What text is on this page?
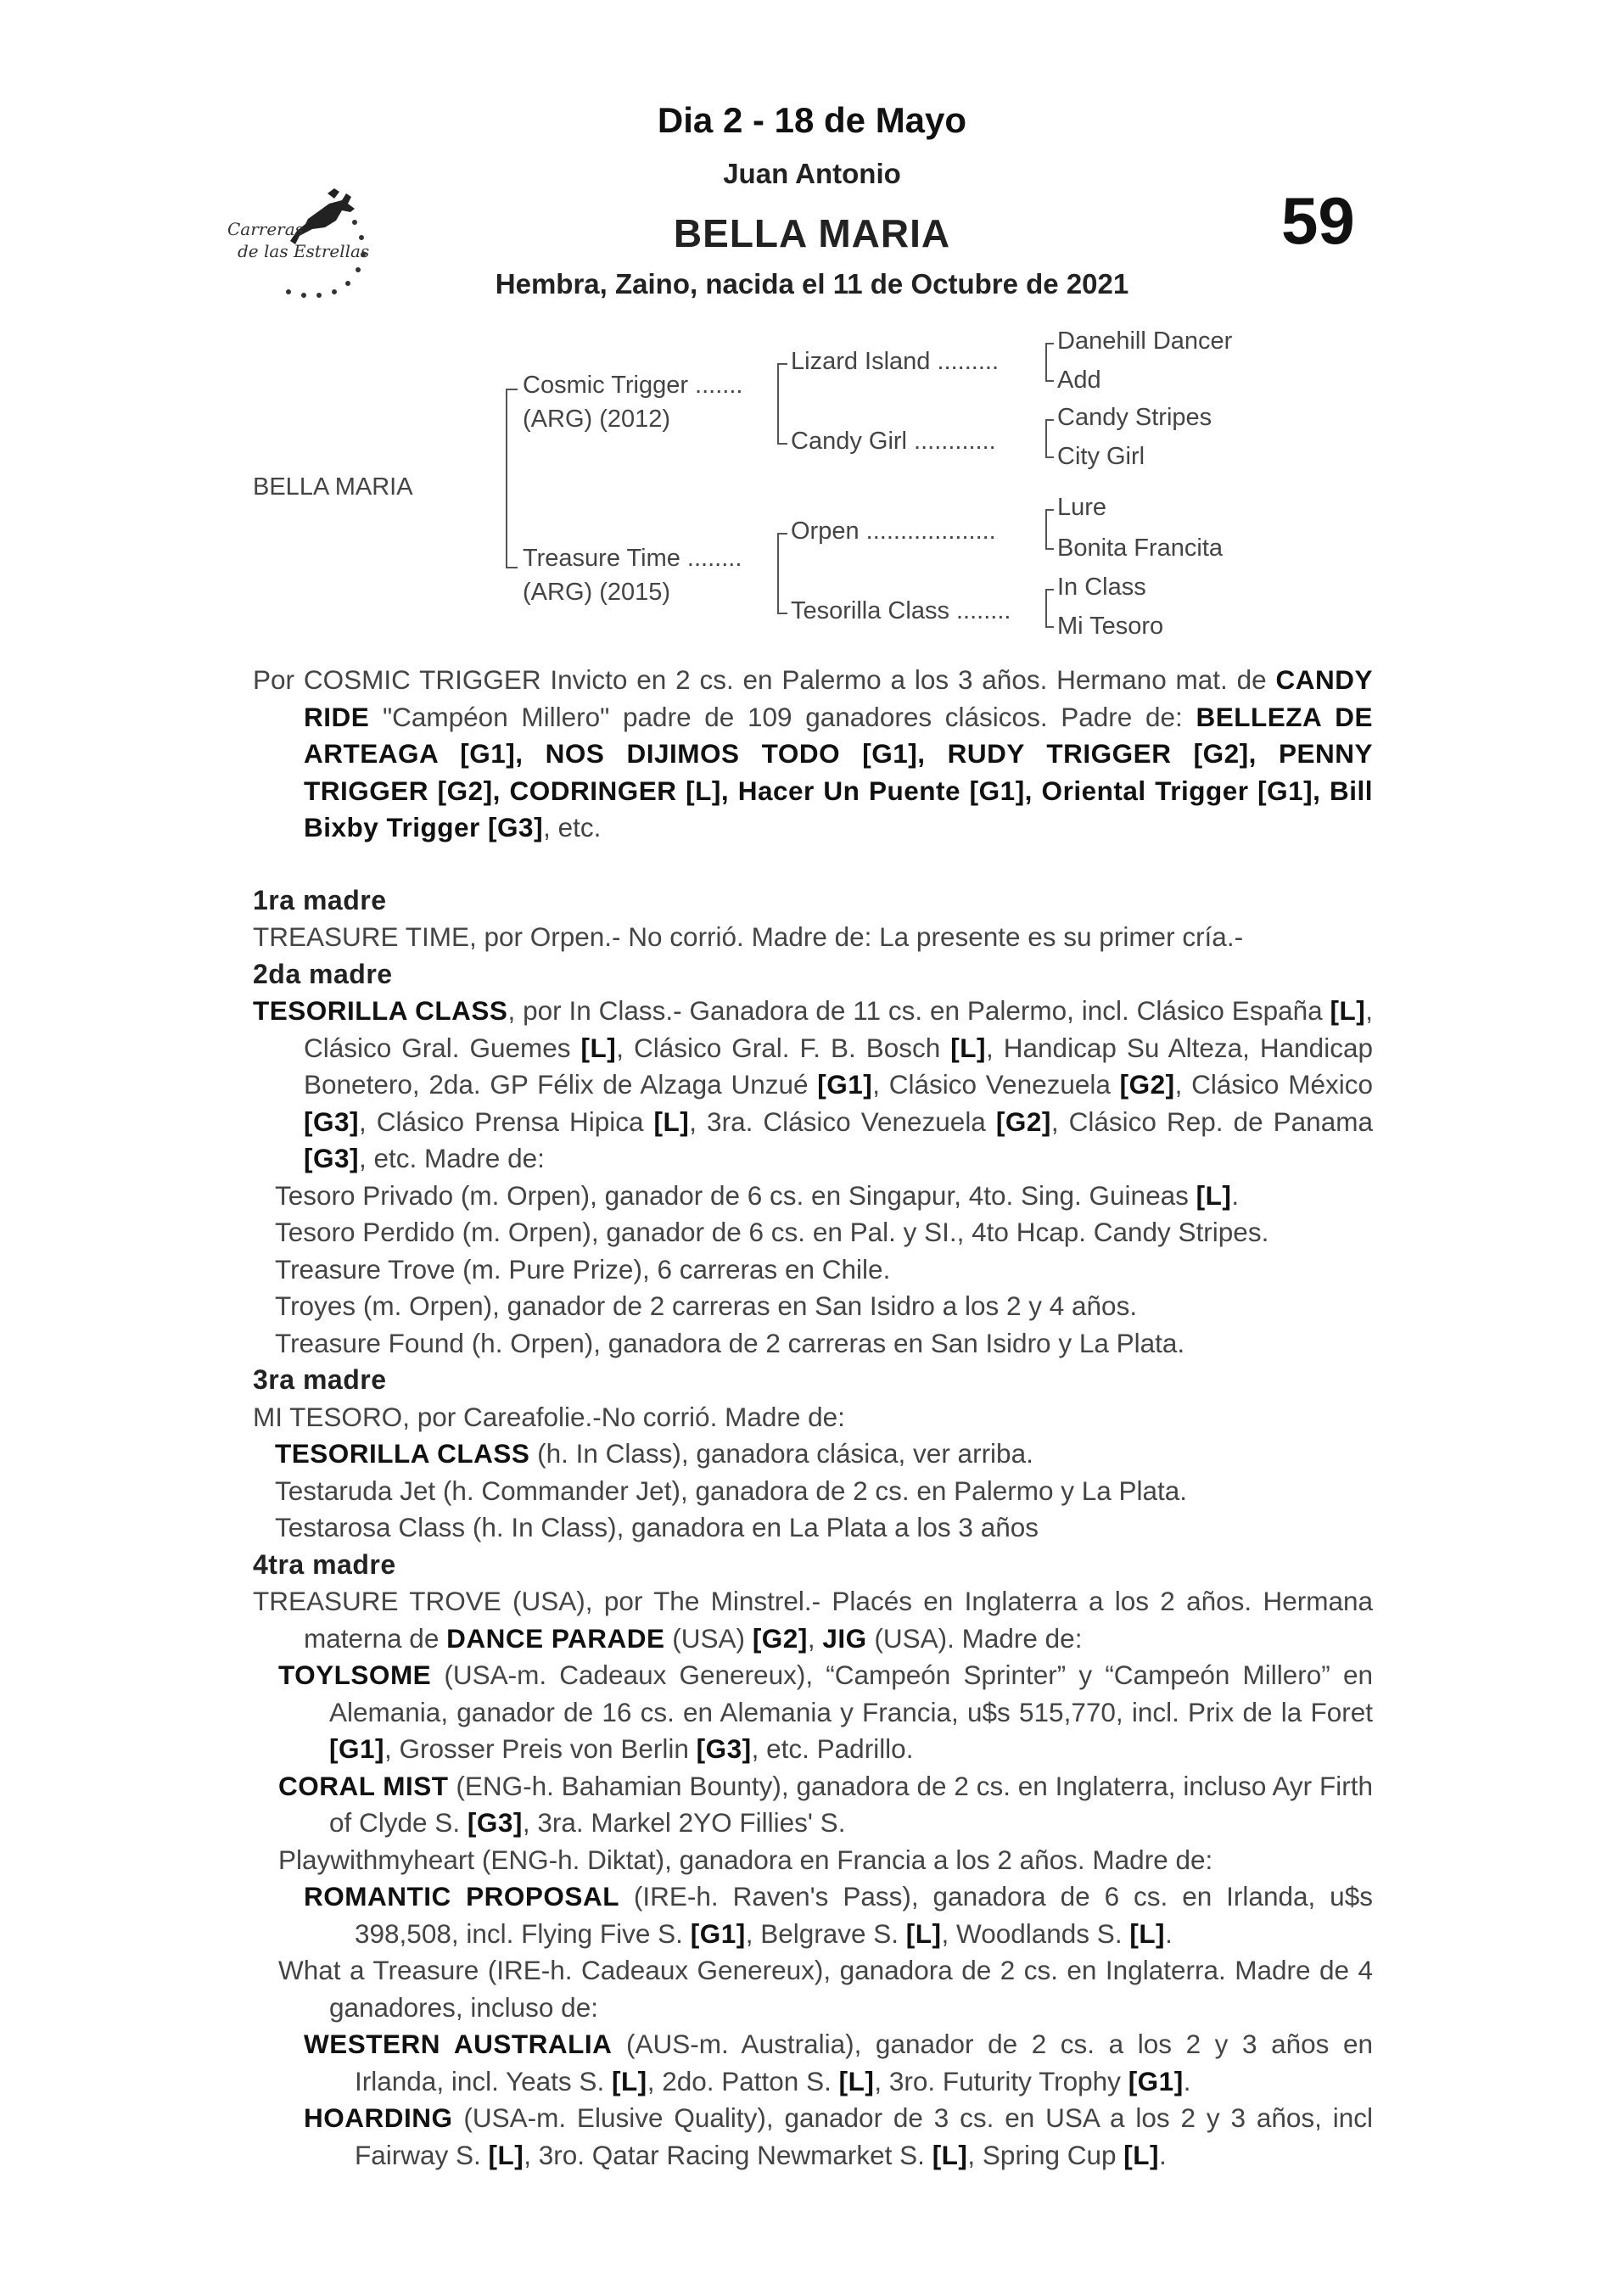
Dia 2 - 18 de Mayo
Juan Antonio
BELLA MARIA
Hembra, Zaino, nacida el 11 de Octubre de 2021
59
Carreras
de las Estrellas
BELLA MARIA
Cosmic Trigger .......
(ARG) (2012)
Treasure Time ........
(ARG) (2015)
Lizard Island .........
Candy Girl ............
Orpen ...................
Tesorilla Class ........
Danehill Dancer
Add
Candy Stripes
City Girl
Lure
Bonita Francita
In Class
Mi Tesoro

Por COSMIC TRIGGER Invicto en 2 cs. en Palermo a los 3 años. Hermano mat. de CANDY RIDE "Campéon Millero" padre de 109 ganadores clásicos. Padre de: BELLEZA DE ARTEAGA [G1], NOS DIJIMOS TODO [G1], RUDY TRIGGER [G2], PENNY TRIGGER [G2], CODRINGER [L], Hacer Un Puente [G1], Oriental Trigger [G1], Bill Bixby Trigger [G3], etc.

1ra madre

TREASURE TIME, por Orpen.- No corrió. Madre de: La presente es su primer cría.-

2da madre

TESORILLA CLASS, por In Class.- Ganadora de 11 cs. en Palermo, incl. Clásico España [L], Clásico Gral. Guemes [L], Clásico Gral. F. B. Bosch [L], Handicap Su Alteza, Handicap Bonetero, 2da. GP Félix de Alzaga Unzué [G1], Clásico Venezuela [G2], Clásico México [G3], Clásico Prensa Hipica [L], 3ra. Clásico Venezuela [G2], Clásico Rep. de Panama [G3], etc. Madre de:

Tesoro Privado (m. Orpen), ganador de 6 cs. en Singapur, 4to. Sing. Guineas [L].

Tesoro Perdido (m. Orpen), ganador de 6 cs. en Pal. y SI., 4to Hcap. Candy Stripes.

Treasure Trove (m. Pure Prize), 6 carreras en Chile.

Troyes (m. Orpen), ganador de 2 carreras en San Isidro a los 2 y 4 años.

Treasure Found (h. Orpen), ganadora de 2 carreras en San Isidro y La Plata.

3ra madre

MI TESORO, por Careafolie.-No corrió. Madre de:

TESORILLA CLASS (h. In Class), ganadora clásica, ver arriba.

Testaruda Jet (h. Commander Jet), ganadora de 2 cs. en Palermo y La Plata.

Testarosa Class (h. In Class), ganadora en La Plata a los 3 años

4tra madre

TREASURE TROVE (USA), por The Minstrel.- Placés en Inglaterra a los 2 años. Hermana materna de DANCE PARADE (USA) [G2], JIG (USA). Madre de:

TOYLSOME (USA-m. Cadeaux Genereux), “Campeón Sprinter” y “Campeón Millero” en Alemania, ganador de 16 cs. en Alemania y Francia, u$s 515,770, incl. Prix de la Foret [G1], Grosser Preis von Berlin [G3], etc. Padrillo.

CORAL MIST (ENG-h. Bahamian Bounty), ganadora de 2 cs. en Inglaterra, incluso Ayr Firth of Clyde S. [G3], 3ra. Markel 2YO Fillies' S.

Playwithmyheart (ENG-h. Diktat), ganadora en Francia a los 2 años. Madre de:

ROMANTIC PROPOSAL (IRE-h. Raven's Pass), ganadora de 6 cs. en Irlanda, u$s 398,508, incl. Flying Five S. [G1], Belgrave S. [L], Woodlands S. [L].

What a Treasure (IRE-h. Cadeaux Genereux), ganadora de 2 cs. en Inglaterra. Madre de 4 ganadores, incluso de:

WESTERN AUSTRALIA (AUS-m. Australia), ganador de 2 cs. a los 2 y 3 años en Irlanda, incl. Yeats S. [L], 2do. Patton S. [L], 3ro. Futurity Trophy [G1].

HOARDING (USA-m. Elusive Quality), ganador de 3 cs. en USA a los 2 y 3 años, incl Fairway S. [L], 3ro. Qatar Racing Newmarket S. [L], Spring Cup [L].
